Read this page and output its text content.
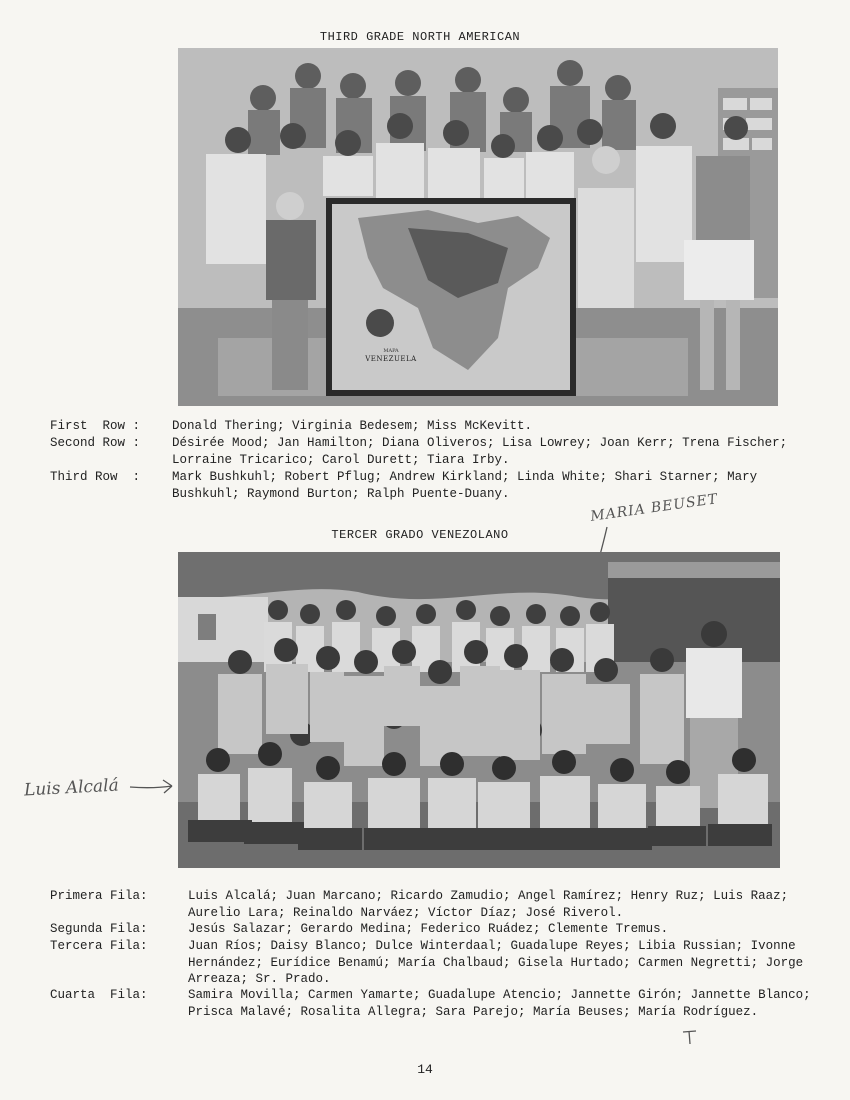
THIRD GRADE NORTH AMERICAN
MAPA
VENEZUELA
First  Row :	Donald Thering; Virginia Bedesem; Miss McKevitt.
Second Row :	Désirée Mood; Jan Hamilton; Diana Oliveros; Lisa Lowrey; Joan Kerr; Trena Fischer; Lorraine Tricarico; Carol Durett; Tiara Irby.
Third Row  :	Mark Bushkuhl; Robert Pflug; Andrew Kirkland; Linda White; Shari Starner; Mary Bushkuhl; Raymond Burton; Ralph Puente-Duany.
TERCER GRADO VENEZOLANO
MARIA BEUSET
Luis Alcalá
Primera Fila:	Luis Alcalá; Juan Marcano; Ricardo Zamudio; Angel Ramírez; Henry Ruz; Luis Raaz; Aurelio Lara; Reinaldo Narváez; Víctor Díaz; José Riverol.
Segunda Fila:	Jesús Salazar; Gerardo Medina; Federico Ruádez; Clemente Tremus.
Tercera Fila:	Juan Ríos; Daisy Blanco; Dulce Winterdaal; Guadalupe Reyes; Libia Russian; Ivonne Hernández; Eurídice Benamú; María Chalbaud; Gisela Hurtado; Carmen Negretti; Jorge Arreaza; Sr. Prado.
Cuarta  Fila:	Samira Movilla; Carmen Yamarte; Guadalupe Atencio; Jannette Girón; Jannette Blanco; Prisca Malavé; Rosalita Allegra; Sara Parejo; María Beuses; María Rodríguez.
14
